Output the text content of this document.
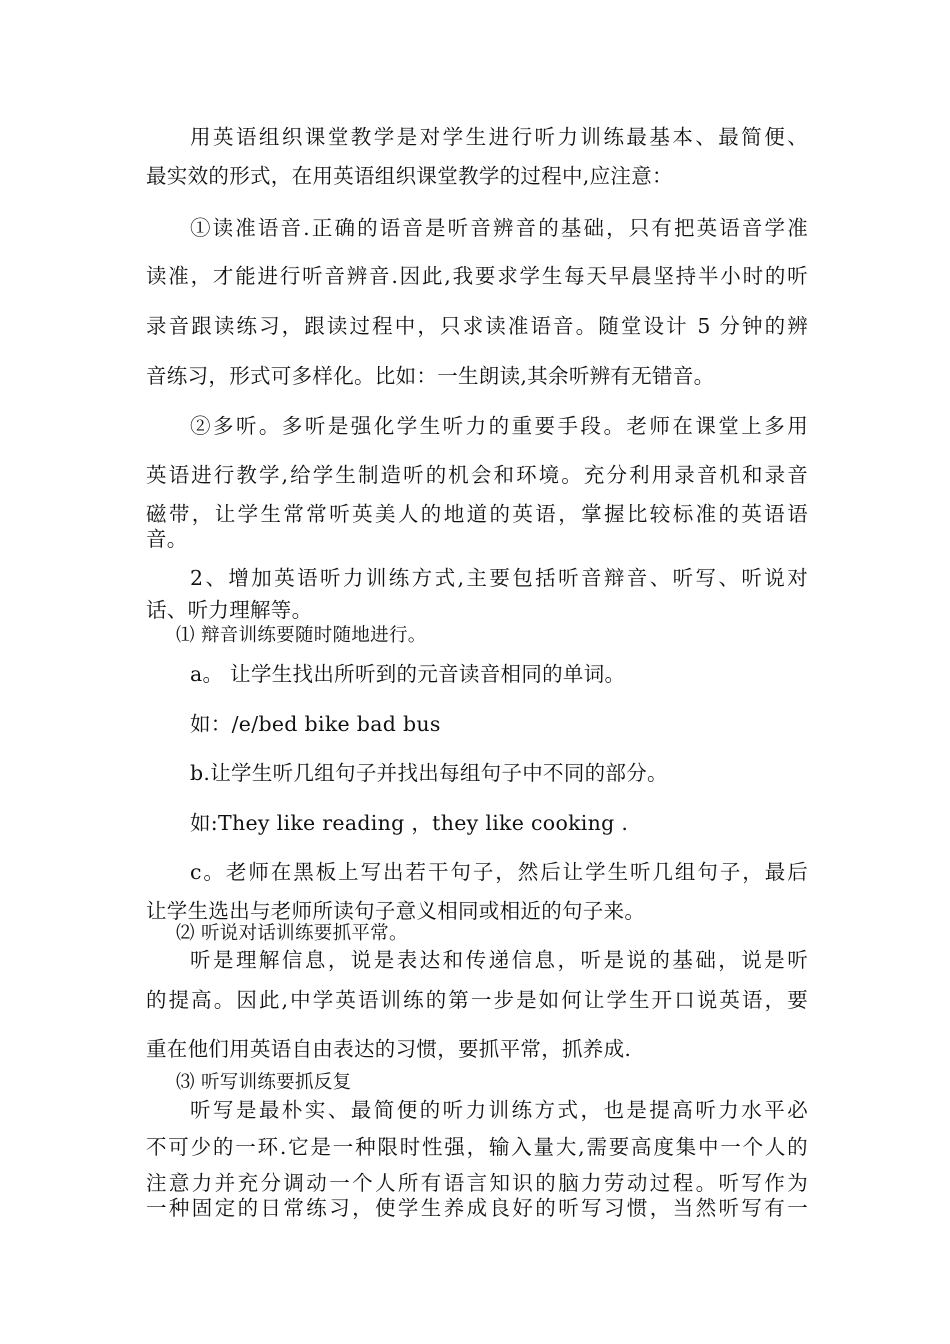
用英语组织课堂教学是对学生进行听力训练最基本、最简便、
最实效的形式，在用英语组织课堂教学的过程中,应注意：
①读准语音.正确的语音是听音辨音的基础，只有把英语音学准
读准，才能进行听音辨音.因此,我要求学生每天早晨坚持半小时的听
录音跟读练习，跟读过程中，只求读准语音。随堂设计 5 分钟的辨
音练习，形式可多样化。比如：一生朗读,其余听辨有无错音。
②多听。多听是强化学生听力的重要手段。老师在课堂上多用
英语进行教学,给学生制造听的机会和环境。充分利用录音机和录音
磁带，让学生常常听英美人的地道的英语，掌握比较标准的英语语
音。
2、增加英语听力训练方式,主要包括听音辩音、听写、听说对
话、听力理解等。
⑴ 辩音训练要随时随地进行。
a。 让学生找出所听到的元音读音相同的单词。
如：/e/bed bike bad bus
b.让学生听几组句子并找出每组句子中不同的部分。
如:They like reading ，they like cooking .
c。老师在黑板上写出若干句子，然后让学生听几组句子，最后
让学生选出与老师所读句子意义相同或相近的句子来。
⑵ 听说对话训练要抓平常。
听是理解信息，说是表达和传递信息，听是说的基础，说是听
的提高。因此,中学英语训练的第一步是如何让学生开口说英语，要
重在他们用英语自由表达的习惯，要抓平常，抓养成.
⑶ 听写训练要抓反复
听写是最朴实、最简便的听力训练方式，也是提高听力水平必
不可少的一环.它是一种限时性强，输入量大,需要高度集中一个人的
注意力并充分调动一个人所有语言知识的脑力劳动过程。听写作为
一种固定的日常练习，使学生养成良好的听写习惯，当然听写有一
